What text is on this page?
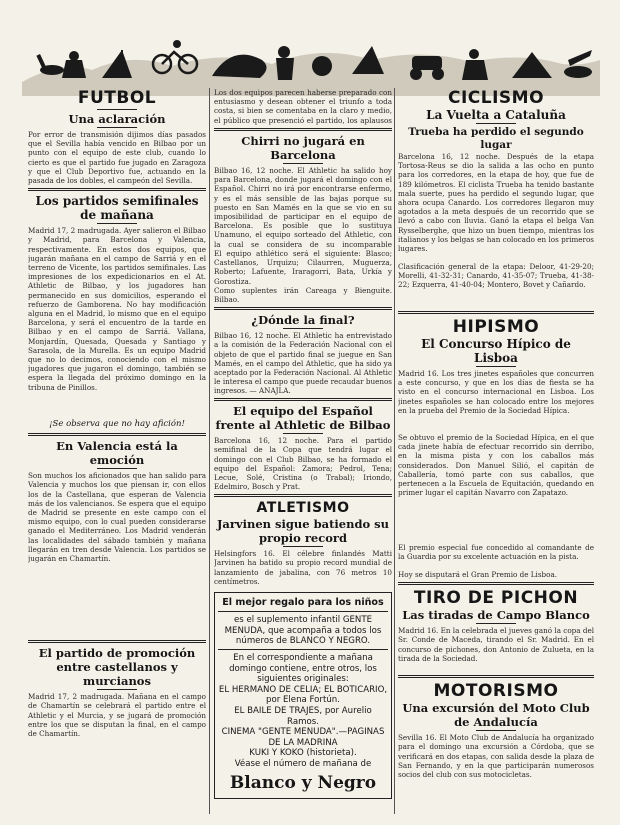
FUTBOL

Una aclaración

Por error de transmisión dijimos días pasados que el Sevilla había vencido en Bilbao por un punto con el equipo de este club, cuando lo cierto es que el partido fue jugado en Zaragoza y que el Club Deportivo fue, actuando en la pasada de los dobles, el campeón del Sevilla.

Los partidos semifinales de mañana

Madrid 17, 2 madrugada. Ayer salieron el Bilbao y Madrid, para Barcelona y Valencia, respectivamente. En estos dos equipos, que jugarán mañana en el campo de Sarriá y en el terreno de Vicente, los partidos semifinales. Las impresiones de los expedicionarios en el At. Athletic de Bilbao, y los jugadores han permanecido en sus domicilios, esperando el refuerzo de Gamborena. No hay modificación alguna en el Madrid, lo mismo que en el equipo Barcelona, y será el encuentro de la tarde en Bilbao y en el campo de Sarriá. Vallana, Monjardín, Quesada, Quesada y Santiago y Sarasola, de la Murella. Es un equipo Madrid que no lo decimos, conociendo con el mismo jugadores que jugaron el domingo, también se espera la llegada del próximo domingo en la tribuna de Pinillos.

¡Se observa que no hay afición!

En Valencia está la emoción

Son muchos los aficionados que han salido para Valencia y muchos los que piensan ir, con ellos los de la Castellana, que esperan de Valencia más de los valencianos. Se espera que el equipo de Madrid se presente en este campo con el mismo equipo, con lo cual pueden considerarse ganado el Mediterráneo. Los Madrid venderán las localidades del sábado también y mañana llegarán en tren desde Valencia. Los partidos se jugarán en Chamartín.

El partido de promoción entre castellanos y murcianos

Madrid 17, 2 madrugada. Mañana en el campo de Chamartín se celebrará el partido entre el Athletic y el Murcia, y se jugará de promoción entre los que se disputan la final, en el campo de Chamartín.

Los dos equipos parecen haberse preparado con entusiasmo y desean obtener el triunfo a toda costa, si bien se comentaba en la claro y medio, el público que presenció el partido, los aplausos

Chirri no jugará en Barcelona

Bilbao 16, 12 noche. El Athletic ha salido hoy para Barcelona, donde jugará el domingo con el Español. Chirri no irá por encontrarse enfermo, y es el más sensible de las bajas porque su puesto en San Mamés en la que se vio en su imposibilidad de participar en el equipo de Barcelona. Es posible que lo sustituya Unamuno, el equipo sorteado del Athletic, con la cual se considera de su incomparable

El equipo athlético será el siguiente: Blasco; Castellanos, Urquizu; Cilaurren, Muguerza, Roberto; Lafuente, Iraragorri, Bata, Urkía y Gorostiza.

Como suplentes irán Careaga y Bienguite. Bilbao.

¿Dónde la final?

Bilbao 16, 12 noche. El Athletic ha entrevistado a la comisión de la Federación Nacional con el objeto de que el partido final se juegue en San Mamés, en el campo del Athletic, que ha sido ya aceptado por la Federación Nacional. Al Athletic le interesa el campo que puede recaudar buenos ingresos. — ANAJLA.

El equipo del Español frente al Athletic de Bilbao

Barcelona 16, 12 noche. Para el partido semifinal de la Copa que tendrá lugar el domingo con el Club Bilbao, se ha formado el equipo del Español: Zamora; Pedrol, Tena; Lecue, Solé, Cristina (o Trabal); Iriondo, Edelmiro, Bosch y Prat.

ATLETISMO

Jarvinen sigue batiendo su propio record

Helsingfors 16. El célebre finlandés Matti Jarvinen ha batido su propio record mundial de lanzamiento de jabalina, con 76 metros 10 centímetros.

El mejor regalo para los niños

es el suplemento infantil GENTE MENUDA, que acompaña a todos los números de BLANCO Y NEGRO.

En el correspondiente a mañana domingo contiene, entre otros, los siguientes originales:

EL HERMANO DE CELIA; EL BOTICARIO, por Elena Fortún.

EL BAILE DE TRAJES, por Aurelio Ramos.

CINEMA "GENTE MENUDA".—PAGINAS DE LA MADRINA

KUKI Y KOKO (historieta).

Véase el número de mañana de

Blanco y Negro

CICLISMO

La Vuelta a Cataluña

Trueba ha perdido el segundo lugar

Barcelona 16, 12 noche. Después de la etapa Tortosa-Reus se dio la salida a las ocho en punto para los corredores, en la etapa de hoy, que fue de 189 kilómetros. El ciclista Trueba ha tenido bastante mala suerte, pues ha perdido el segundo lugar, que ahora ocupa Canardo. Los corredores llegaron muy agotados a la meta después de un recorrido que se llevó a cabo con lluvia. Ganó la etapa el belga Van Rysselberghe, que hizo un buen tiempo, mientras los italianos y los belgas se han colocado en los primeros lugares.

Clasificación general de la etapa: Deloor, 41-29-20; Morelli, 41-32-31; Canardo, 41-35-07; Trueba, 41-38-22; Ezquerra, 41-40-04; Montero, Bovet y Cañardo.

HIPISMO

El Concurso Hípico de Lisboa

Madrid 16. Los tres jinetes españoles que concurren a este concurso, y que en los días de fiesta se ha visto en el concurso internacional en Lisboa. Los jinetes españoles se han colocado entre los mejores en la prueba del Premio de la Sociedad Hípica.

Se obtuvo el premio de la Sociedad Hípica, en el que cada jinete había de efectuar recorrido sin derribo, en la misma pista y con los caballos más considerados. Don Manuel Silió, el capitán de Caballería, tomó parte con sus caballos, que pertenecen a la Escuela de Equitación, quedando en primer lugar el capitán Navarro con Zapatazo.

El premio especial fue concedido al comandante de la Guardia por su excelente actuación en la pista.

Hoy se disputará el Gran Premio de Lisboa.

TIRO DE PICHON

Las tiradas de Campo Blanco

Madrid 16. En la celebrada el jueves ganó la copa del Sr. Conde de Maceda, tirando el Sr. Madrid. En el concurso de pichones, don Antonio de Zulueta, en la tirada de la Sociedad.

MOTORISMO

Una excursión del Moto Club de Andalucía

Sevilla 16. El Moto Club de Andalucía ha organizado para el domingo una excursión a Córdoba, que se verificará en dos etapas, con salida desde la plaza de San Fernando, y en la que participarán numerosos socios del club con sus motocicletas.
